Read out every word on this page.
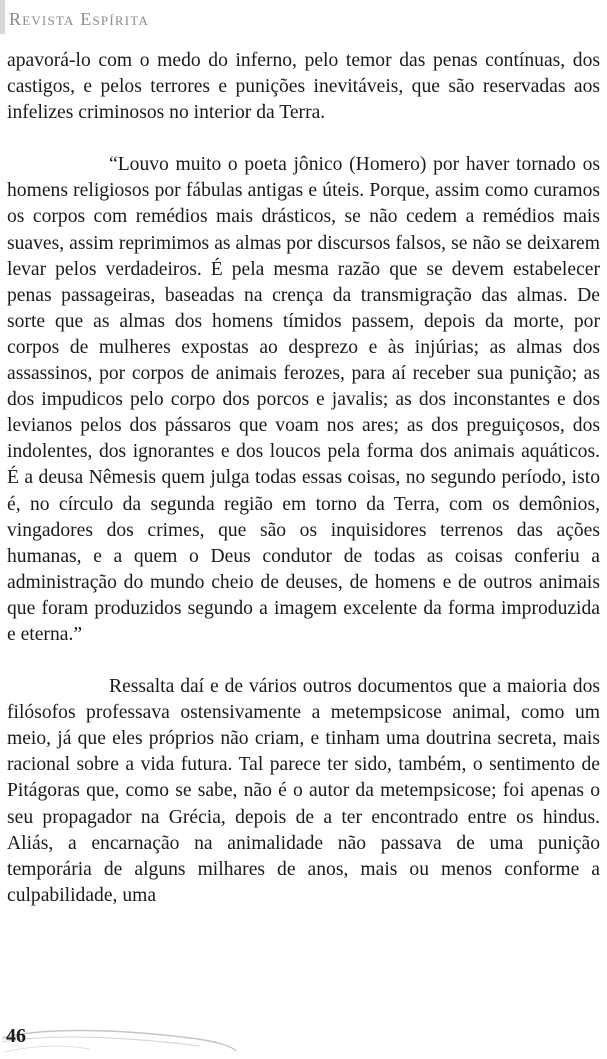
Revista Espírita

apavorá-lo com o medo do inferno, pelo temor das penas contínuas, dos castigos, e pelos terrores e punições inevitáveis, que são reservadas aos infelizes criminosos no interior da Terra.

“Louvo muito o poeta jônico (Homero) por haver tornado os homens religiosos por fábulas antigas e úteis. Porque, assim como curamos os corpos com remédios mais drásticos, se não cedem a remédios mais suaves, assim reprimimos as almas por discursos falsos, se não se deixarem levar pelos verdadeiros. É pela mesma razão que se devem estabelecer penas passageiras, baseadas na crença da transmigração das almas. De sorte que as almas dos homens tímidos passem, depois da morte, por corpos de mulheres expostas ao desprezo e às injúrias; as almas dos assassinos, por corpos de animais ferozes, para aí receber sua punição; as dos impudicos pelo corpo dos porcos e javalis; as dos inconstantes e dos levianos pelos dos pássaros que voam nos ares; as dos preguiçosos, dos indolentes, dos ignorantes e dos loucos pela forma dos animais aquáticos. É a deusa Nêmesis quem julga todas essas coisas, no segundo período, isto é, no círculo da segunda região em torno da Terra, com os demônios, vingadores dos crimes, que são os inquisidores terrenos das ações humanas, e a quem o Deus condutor de todas as coisas conferiu a administração do mundo cheio de deuses, de homens e de outros animais que foram produzidos segundo a imagem excelente da forma improduzida e eterna.”

Ressalta daí e de vários outros documentos que a maioria dos filósofos professava ostensivamente a metempsicose animal, como um meio, já que eles próprios não criam, e tinham uma doutrina secreta, mais racional sobre a vida futura. Tal parece ter sido, também, o sentimento de Pitágoras que, como se sabe, não é o autor da metempsicose; foi apenas o seu propagador na Grécia, depois de a ter encontrado entre os hindus. Aliás, a encarnação na animalidade não passava de uma punição temporária de alguns milhares de anos, mais ou menos conforme a culpabilidade, uma

46
